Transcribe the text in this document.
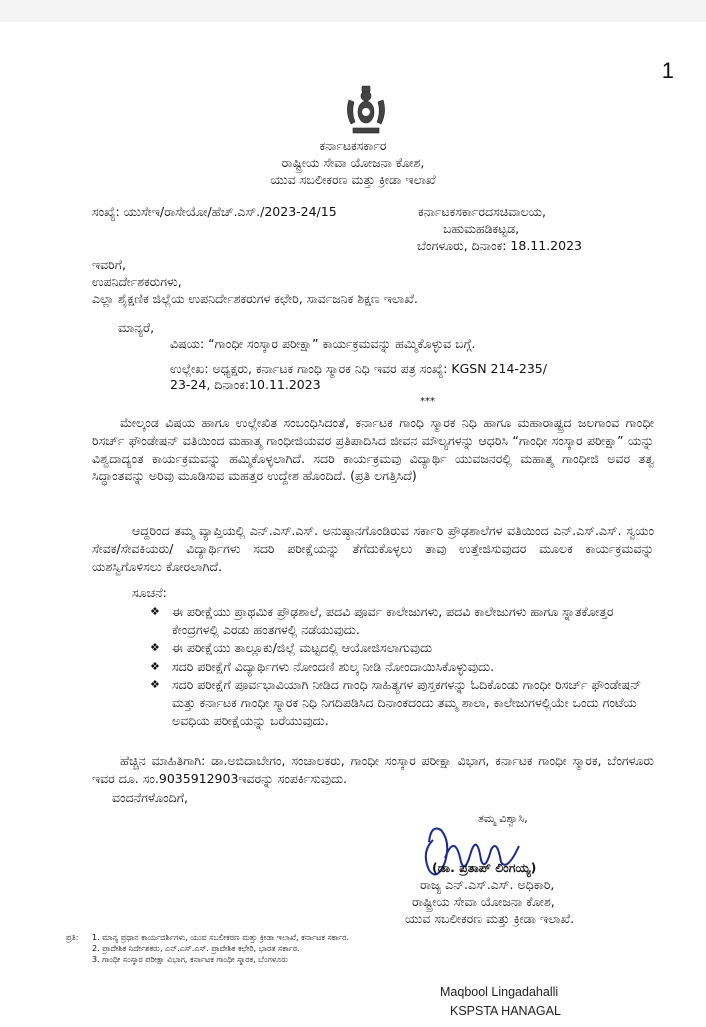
1
ಕರ್ನಾಟಕಸರ್ಕಾರ
ರಾಷ್ಟ್ರೀಯ ಸೇವಾ ಯೋಜನಾ ಕೋಶ,
ಯುವ ಸಬಲೀಕರಣ ಮತ್ತು ಕ್ರೀಡಾ ಇಲಾಖೆ
ಸಂಖ್ಯೆ: ಯುಸೇಇ/ರಾಸೇಯೋ/ಹೆಚ್.ಎಸ್./2023-24/15	ಕರ್ನಾಟಕಸರ್ಕಾರದಸಚಿವಾಲಯ,
ಬಹುಮಹಡಿಕಟ್ಟಡ,
ಬೆಂಗಳೂರು, ದಿನಾಂಕ: 18.11.2023
ಇವರಿಗೆ,
ಉಪನಿರ್ದೇಶಕರುಗಳು,
ಎಲ್ಲಾ ಶೈಕ್ಷಣಿಕ ಜಿಲ್ಲೆಯ ಉಪನಿರ್ದೇಶಕರುಗಳ ಕಛೇರಿ, ಸಾರ್ವಜನಿಕ ಶಿಕ್ಷಣ ಇಲಾಖೆ.
ಮಾನ್ಯರೆ,
ವಿಷಯ: “ಗಾಂಧೀ ಸಂಸ್ಕಾರ ಪರೀಕ್ಷಾ” ಕಾರ್ಯಕ್ರಮವನ್ನು ಹಮ್ಮಿಕೊಳ್ಳುವ ಬಗ್ಗೆ.
ಉಲ್ಲೇಖ: ಅಧ್ಯಕ್ಷರು, ಕರ್ನಾಟಕ ಗಾಂಧಿ ಸ್ಮಾರಕ ನಿಧಿ ಇವರ ಪತ್ರ ಸಂಖ್ಯೆ: KGSN 214-235/
23-24, ದಿನಾಂಕ:10.11.2023
***
ಮೇಲ್ಕಂಡ ವಿಷಯ ಹಾಗೂ ಉಲ್ಲೇಖಿತ ಸಂಬಂಧಿಸಿದಂತೆ, ಕರ್ನಾಟಕ ಗಾಂಧಿ ಸ್ಮಾರಕ ನಿಧಿ ಹಾಗೂ ಮಹಾರಾಷ್ಟ್ರದ ಜಲಗಾಂವ ಗಾಂಧೀ ರಿಸರ್ಚ್ ಫೌಂಡೇಷನ್ ವತಿಯಿಂದ ಮಹಾತ್ಮ ಗಾಂಧೀಜಿಯವರ ಪ್ರತಿಪಾದಿಸಿದ ಜೀವನ ಮೌಲ್ಯಗಳನ್ನು ಆಧರಿಸಿ “ಗಾಂಧೀ ಸಂಸ್ಕಾರ ಪರೀಕ್ಷಾ” ಯನ್ನು ವಿಶ್ವದಾದ್ಯಂತ ಕಾರ್ಯಕ್ರಮವನ್ನು ಹಮ್ಮಿಕೊಳ್ಳಲಾಗಿದೆ. ಸದರಿ ಕಾರ್ಯಕ್ರಮವು ವಿದ್ಯಾರ್ಥಿ ಯುವಜನರಲ್ಲಿ ಮಹಾತ್ಮ ಗಾಂಧೀಜಿ ಅವರ ತತ್ವ ಸಿದ್ಧಾಂತವನ್ನು ಅರಿವು ಮೂಡಿಸುವ ಮಹತ್ತರ ಉದ್ದೇಶ ಹೊಂದಿದೆ. (ಪ್ರತಿ ಲಗತ್ತಿಸಿದೆ)
ಆದ್ದರಿಂದ ತಮ್ಮ ವ್ಯಾಪ್ತಿಯಲ್ಲಿ ಎನ್.ಎಸ್.ಎಸ್. ಅನುಷ್ಠಾನಗೊಂಡಿರುವ ಸರ್ಕಾರಿ ಪ್ರೌಢಶಾಲೆಗಳ ವತಿಯಿಂದ ಎನ್.ಎಸ್.ಎಸ್. ಸ್ವಯಂ ಸೇವಕ/ಸೇವಕಿಯರು/ ವಿದ್ಯಾರ್ಥಿಗಳು ಸದರಿ ಪರೀಕ್ಷೆಯನ್ನು ತೆಗೆದುಕೊಳ್ಳಲು ತಾವು ಉತ್ತೇಜಿಸುವುದರ ಮೂಲಕ ಕಾರ್ಯಕ್ರಮವನ್ನು ಯಶಸ್ವಿಗೊಳಿಸಲು ಕೋರಲಾಗಿದೆ.
ಸೂಚನೆ:
❖ ಈ ಪರೀಕ್ಷೆಯು ಪ್ರಾಥಮಿಕ ಪ್ರೌಢಶಾಲೆ, ಪದವಿ ಪೂರ್ವ ಕಾಲೇಜುಗಳು, ಪದವಿ ಕಾಲೇಜುಗಳು ಹಾಗೂ ಸ್ನಾತಕೋತ್ತರ ಕೇಂದ್ರಗಳಲ್ಲಿ ಎರಡು ಹಂತಗಳಲ್ಲಿ ನಡೆಯುವುದು.
❖ ಈ ಪರೀಕ್ಷೆಯು ತಾಲ್ಲೂಕು/ಜಿಲ್ಲೆ ಮಟ್ಟದಲ್ಲಿ ಆಯೋಜಿಸಲಾಗುವುದು
❖ ಸದರಿ ಪರೀಕ್ಷೆಗೆ ವಿದ್ಯಾರ್ಥಿಗಳು ನೋಂದಣಿ ಶುಲ್ಕ ನೀಡಿ ನೋಂದಾಯಿಸಿಕೊಳ್ಳುವುದು.
❖ ಸದರಿ ಪರೀಕ್ಷೆಗೆ ಪೂರ್ವಭಾವಿಯಾಗಿ ನೀಡಿದ ಗಾಂಧಿ ಸಾಹಿತ್ಯಗಳ ಪುಸ್ತಕಗಳನ್ನು ಓದಿಕೊಂಡು ಗಾಂಧೀ ರಿಸರ್ಚ್ ಫೌಂಡೇಷನ್ ಮತ್ತು ಕರ್ನಾಟಕ ಗಾಂಧೀ ಸ್ಮಾರಕ ನಿಧಿ ನಿಗದಿಪಡಿಸಿದ ದಿನಾಂಕದಂದು ತಮ್ಮ ಶಾಲಾ, ಕಾಲೇಜುಗಳಲ್ಲಿಯೇ ಒಂದು ಗಂಟೆಯ ಅವಧಿಯ ಪರೀಕ್ಷೆಯನ್ನು ಬರೆಯುವುದು.
ಹೆಚ್ಚಿನ ಮಾಹಿತಿಗಾಗಿ: ಡಾ.ಅಬಿದಾಬೇಗಂ, ಸಂಚಾಲಕರು, ಗಾಂಧೀ ಸಂಸ್ಕಾರ ಪರೀಕ್ಷಾ ವಿಭಾಗ, ಕರ್ನಾಟಕ ಗಾಂಧೀ ಸ್ಮಾರಕ, ಬೆಂಗಳೂರು ಇವರ ದೂ. ಸಂ.9035912903ಇವರನ್ನು ಸಂಪರ್ಕಿಸುವುದು.
ವಂದನೆಗಳೊಂದಿಗೆ,
ತಮ್ಮ ವಿಶ್ವಾಸಿ,
(ಡಾ. ಪ್ರತಾಪ್ ಲಿಂಗಯ್ಯ)
ರಾಜ್ಯ ಎನ್.ಎಸ್.ಎಸ್. ಅಧಿಕಾರಿ,
ರಾಷ್ಟ್ರೀಯ ಸೇವಾ ಯೋಜನಾ ಕೋಶ,
ಯುವ ಸಬಲೀಕರಣ ಮತ್ತು ಕ್ರೀಡಾ ಇಲಾಖೆ.
ಪ್ರತಿ: 1. ಮಾನ್ಯ ಪ್ರಧಾನ ಕಾರ್ಯದರ್ಶಿಗಳು, ಯುವ ಸಬಲೀಕರಣ ಮತ್ತು ಕ್ರೀಡಾ ಇಲಾಖೆ, ಕರ್ನಾಟಕ ಸರ್ಕಾರ.
2. ಪ್ರಾದೇಶಿಕ ನಿರ್ದೇಶಕರು, ಎನ್.ಎಸ್.ಎಸ್. ಪ್ರಾದೇಶಿಕ ಕಛೇರಿ, ಭಾರತ ಸರ್ಕಾರ.
3. ಗಾಂಧೀ ಸಂಸ್ಕಾರ ಪರೀಕ್ಷಾ ವಿಭಾಗ, ಕರ್ನಾಟಕ ಗಾಂಧೀ ಸ್ಮಾರಕ, ಬೆಂಗಳೂರು
Maqbool Lingadahalli
KSPSTA HANAGAL
